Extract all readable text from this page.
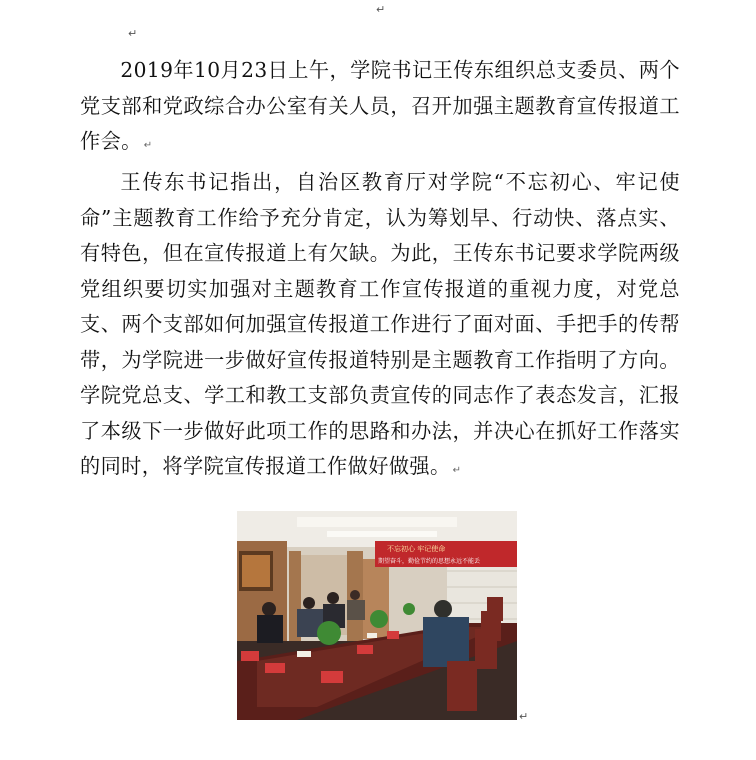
↵
↵

2019年10月23日上午，学院书记王传东组织总支委员、两个党支部和党政综合办公室有关人员，召开加强主题教育宣传报道工作会。 ↵

王传东书记指出，自治区教育厅对学院“不忘初心、牢记使命”主题教育工作给予充分肯定，认为筹划早、行动快、落点实、有特色，但在宣传报道上有欠缺。为此，王传东书记要求学院两级党组织要切实加强对主题教育工作宣传报道的重视力度，对党总支、两个支部如何加强宣传报道工作进行了面对面、手把手的传帮带，为学院进一步做好宣传报道特别是主题教育工作指明了方向。学院党总支、学工和教工支部负责宣传的同志作了表态发言，汇报了本级下一步做好此项工作的思路和办法，并决心在抓好工作落实的同时，将学院宣传报道工作做好做强。 ↵

不忘初心 牢记使命
期望奋斗，勤俭节约的思想永远不能丢
↵
